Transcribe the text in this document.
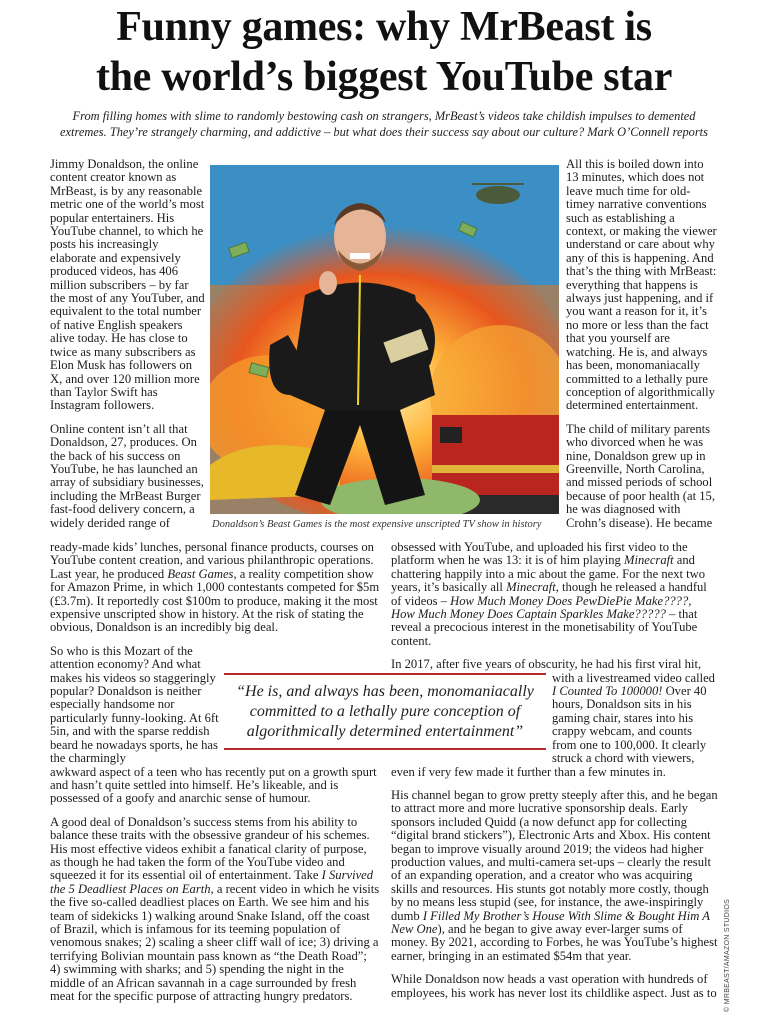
Funny games: why MrBeast is
the world’s biggest YouTube star
From filling homes with slime to randomly bestowing cash on strangers, MrBeast’s videos take childish impulses to demented extremes. They’re strangely charming, and addictive – but what does their success say about our culture? Mark O’Connell reports

Jimmy Donaldson, the online content creator known as MrBeast, is by any reasonable metric one of the world’s most popular entertainers. His YouTube channel, to which he posts his increasingly elaborate and expensively produced videos, has 406 million subscribers – by far the most of any YouTuber, and equivalent to the total number of native English speakers alive today. He has close to twice as many subscribers as Elon Musk has followers on X, and over 120 million more than Taylor Swift has Instagram followers.

Online content isn’t all that Donaldson, 27, produces. On the back of his success on YouTube, he has launched an array of subsidiary businesses, including the MrBeast Burger fast-food delivery concern, a widely derided range of

All this is boiled down into 13 minutes, which does not leave much time for old-timey narrative conventions such as establishing a context, or making the viewer understand or care about why any of this is happening. And that’s the thing with MrBeast: everything that happens is always just happening, and if you want a reason for it, it’s no more or less than the fact that you yourself are watching. He is, and always has been, monomaniacally committed to a lethally pure conception of algorithmically determined entertainment.

The child of military parents who divorced when he was nine, Donaldson grew up in Greenville, North Carolina, and missed periods of school because of poor health (at 15, he was diagnosed with Crohn’s disease). He became

Donaldson’s Beast Games is the most expensive unscripted TV show in history

ready-made kids’ lunches, personal finance products, courses on YouTube content creation, and various philanthropic operations. Last year, he produced Beast Games, a reality competition show for Amazon Prime, in which 1,000 contestants competed for $5m (£3.7m). It reportedly cost $100m to produce, making it the most expensive unscripted show in history. At the risk of stating the obvious, Donaldson is an incredibly big deal.

So who is this Mozart of the attention economy? And what makes his videos so staggeringly popular? Donaldson is neither especially handsome nor particularly funny-looking. At 6ft 5in, and with the sparse reddish beard he nowadays sports, he has the charmingly

awkward aspect of a teen who has recently put on a growth spurt and hasn’t quite settled into himself. He’s likeable, and is possessed of a goofy and anarchic sense of humour.

A good deal of Donaldson’s success stems from his ability to balance these traits with the obsessive grandeur of his schemes. His most effective videos exhibit a fanatical clarity of purpose, as though he had taken the form of the YouTube video and squeezed it for its essential oil of entertainment. Take I Survived the 5 Deadliest Places on Earth, a recent video in which he visits the five so-called deadliest places on Earth. We see him and his team of sidekicks 1) walking around Snake Island, off the coast of Brazil, which is infamous for its teeming population of venomous snakes; 2) scaling a sheer cliff wall of ice; 3) driving a terrifying Bolivian mountain pass known as “the Death Road”; 4) swimming with sharks; and 5) spending the night in the middle of an African savannah in a cage surrounded by fresh meat for the specific purpose of attracting hungry predators.

obsessed with YouTube, and uploaded his first video to the platform when he was 13: it is of him playing Minecraft and chattering happily into a mic about the game. For the next two years, it’s basically all Minecraft, though he released a handful of videos – How Much Money Does PewDiePie Make????, How Much Money Does Captain Sparkles Make????? – that reveal a precocious interest in the monetisability of YouTube content.

In 2017, after five years of obscurity, he had his first viral hit,

with a livestreamed video called I Counted To 100000! Over 40 hours, Donaldson sits in his gaming chair, stares into his crappy webcam, and counts from one to 100,000. It clearly struck a chord with viewers,

even if very few made it further than a few minutes in.

His channel began to grow pretty steeply after this, and he began to attract more and more lucrative sponsorship deals. Early sponsors included Quidd (a now defunct app for collecting “digital brand stickers”), Electronic Arts and Xbox. His content began to improve visually around 2019; the videos had higher production values, and multi-camera set-ups – clearly the result of an expanding operation, and a creator who was acquiring skills and resources. His stunts got notably more costly, though by no means less stupid (see, for instance, the awe-inspiringly dumb I Filled My Brother’s House With Slime & Bought Him A New One), and he began to give away ever-larger sums of money. By 2021, according to Forbes, he was YouTube’s highest earner, bringing in an estimated $54m that year.

While Donaldson now heads a vast operation with hundreds of employees, his work has never lost its childlike aspect. Just as to

“He is, and always has been, monomaniacally committed to a lethally pure conception of algorithmically determined entertainment”
© MRBEAST/AMAZON STUDIOS
